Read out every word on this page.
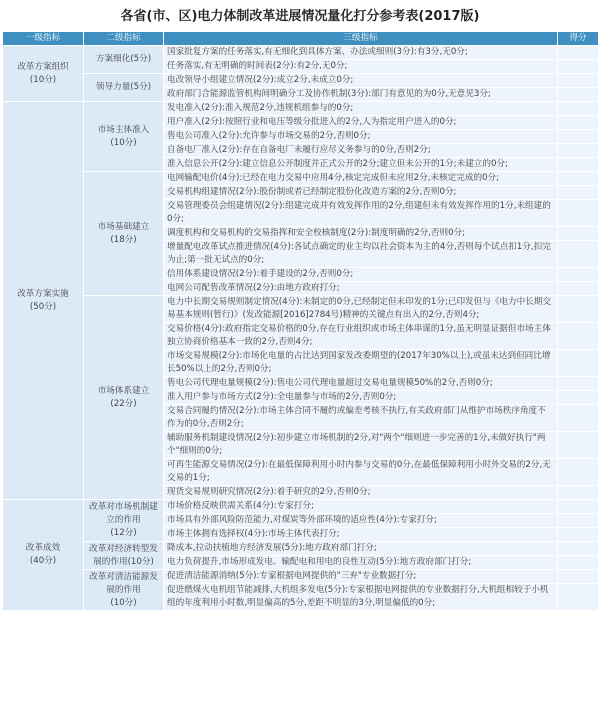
各省(市、区)电力体制改革进展情况量化打分参考表(2017版)
一级指标	二级指标	三级指标	得分

改革方案组织
(10分)	方案细化(5分)	国家批复方案的任务落实,有无细化到具体方案、办法或细则(3分):有3分,无0分;	
		任务落实,有无明确的时间表(2分):有2分,无0分;	

	领导力量(5分)	电改领导小组建立情况(2分):成立2分,未成立0分;	
		政府部门合能源监管机构间明确分工及协作机制(3分):部门有意见的为0分,无意见3分;	

改革方案实施
(50分)	市场主体准入
(10分)	发电准入(2分):准入规范2分,违规机组参与的0分;	
		用户准入(2分):按照行业和电压等级分批进入的2分,人为指定用户进入的0分;	
		售电公司准入(2分):允许参与市场交易的2分,否则0分;	
		自备电厂准入(2分):存在自备电厂未履行应尽义务参与的0分,否则2分;	
		准入信息公开(2分):建立信息公开制度并正式公开的2分;建立但未公开的1分;未建立的0分;	

	市场基础建立
(18分)	电网输配电价(4分):已经在电力交易中应用4分,核定完成但未应用2分,未核定完成的0分;	
		交易机构组建情况(2分):股份制或者已经制定股份化改造方案的2分,否则0分;	
		交易管理委员会组建情况(2分):组建完成并有效发挥作用的2分,组建但未有效发挥作用的1分,未组建的0分;	
		调度机构和交易机构的交易指挥和安全校核制度(2分):制度明确的2分,否则0分;	
		增量配电改革试点推进情况(4分):各试点确定的业主均以社会资本为主的4分,否则每个试点扣1分,扣完为止;第一批无试点的0分;	
		信用体系建设情况(2分):着手建设的2分,否则0分;	
		电网公司配售改革情况(2分):由地方政府打分;	

	市场体系建立
(22分)	电力中长期交易规则制定情况(4分):未制定的0分,已经制定但未印发的1分;已印发但与《电力中长期交易基本规则(暂行)》(发改能源[2016]2784号)精神的关键点有出入的2分,否则4分;	
		交易价格(4分):政府指定交易价格的0分,存在行业组织或市场主体串谋的1分,虽无明显证据但市场主体独立协商价格基本一致的2分,否则4分;	
		市场交易规模(2分):市场化电量的占比达到国家发改委期望的(2017年30%以上),或虽未达到但同比增长50%以上的2分,否则0分;	
		售电公司代理电量规模(2分):售电公司代理电量超过交易电量规模50%的2分,否则0分;	
		准入用户参与市场方式(2分):全电量参与市场的2分,否则0分;	
		交易合同履约情况(2分):市场主体合同不履约或偏差考核不执行,有关政府部门从维护市场秩序角度不作为的0分,否则2分;	
		辅助服务机制建设情况(2分):初步建立市场机制的2分,对"两个"细则进一步完善的1分,未做好执行"两个"细则的0分;	
		可再生能源交易情况(2分):在最低保障利用小时内参与交易的0分,在最低保障利用小时外交易的2分,无交易的1分;	
		现货交易规则研究情况(2分):着手研究的2分,否则0分;	

改革成效
(40分)	改革对市场机制建立的作用
(12分)	市场价格反映供需关系(4分):专家打分;	
		市场具有外部风险防范能力,对煤炭等外部环境的适应性(4分):专家打分;	
		市场主体拥有选择权(4分):市场主体代表打分;	

	改革对经济转型发展的作用(10分)	降成本,拉动扶植地方经济发展(5分):地方政府部门打分;	
		电力负荷提升,市场形成发电、输配电和用电的良性互动(5分):地方政府部门打分;	

	改革对清洁能源发展的作用
(10分)	促进清洁能源消纳(5分):专家根据电网提供的"三弃"专业数据打分;	
		促进燃煤火电机组节能减排,大机组多发电(5分):专家根据电网提供的专业数据打分,大机组相较于小机组的年度利用小时数,明显偏高的5分,差距不明显的3分,明显偏低的0分;	
